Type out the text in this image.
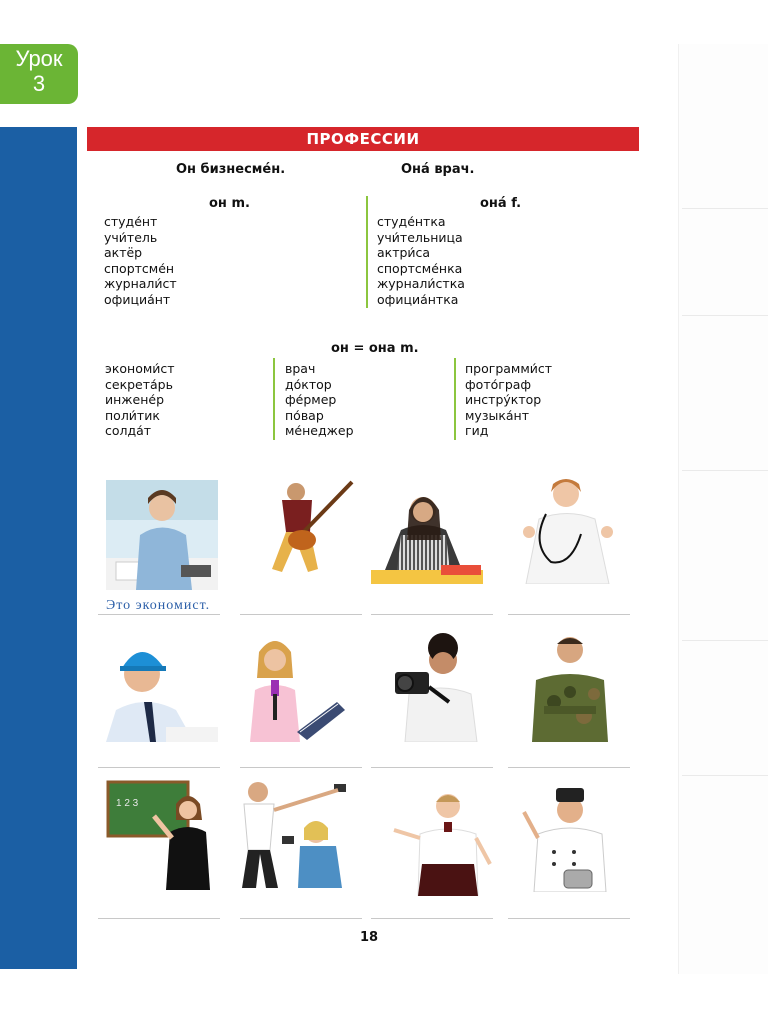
Урок
3
ПРОФЕССИИ
Он бизнесме́н.	Она́ врач.
он m.	она́ f.
студе́нт
учи́тель
актёр
спортсме́н
журнали́ст
официа́нт
студе́нтка
учи́тельница
актри́са
спортсме́нка
журнали́стка
официа́нтка
он = она m.
экономи́ст
секрета́рь
инжене́р
поли́тик
солда́т
врач
до́ктор
фе́рмер
по́вар
ме́неджер
программи́ст
фото́граф
инстру́ктор
музыка́нт
гид
Это экономист.
1 2 3
18
